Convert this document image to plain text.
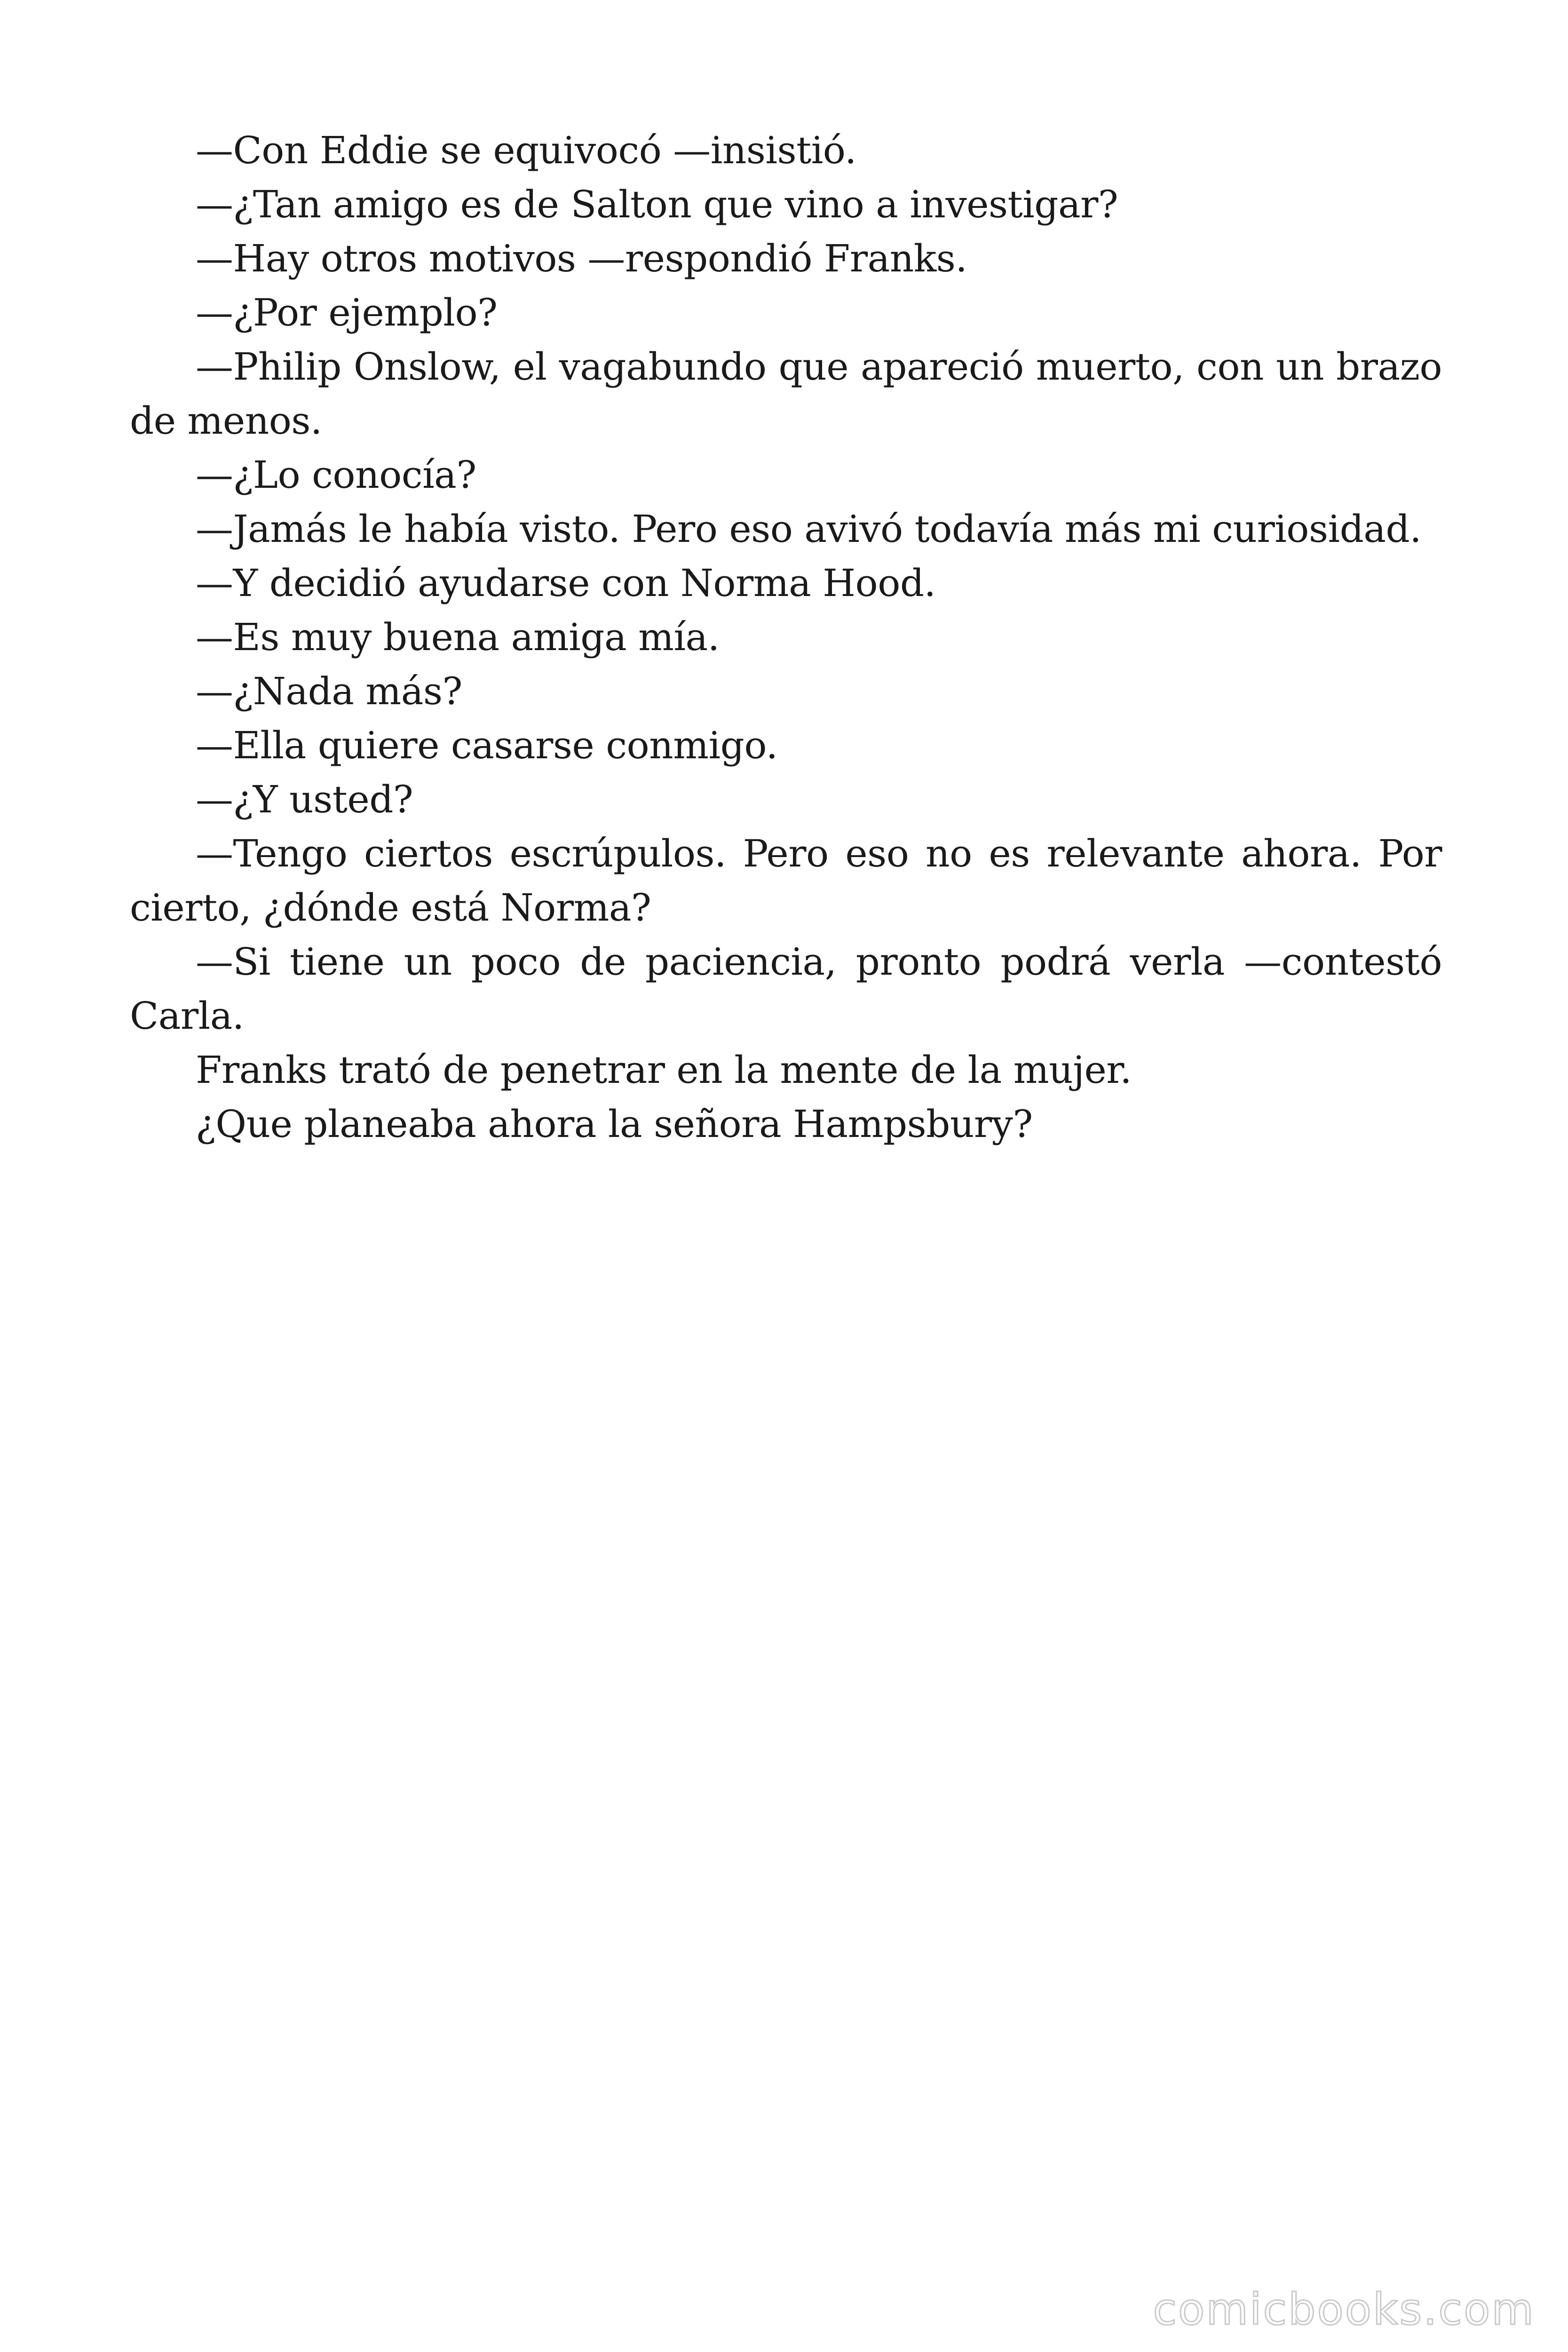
—Con Eddie se equivocó —insistió.

—¿Tan amigo es de Salton que vino a investigar?

—Hay otros motivos —respondió Franks.

—¿Por ejemplo?

—Philip Onslow, el vagabundo que apareció muerto, con un brazo de menos.

—¿Lo conocía?

—Jamás le había visto. Pero eso avivó todavía más mi curiosidad.

—Y decidió ayudarse con Norma Hood.

—Es muy buena amiga mía.

—¿Nada más?

—Ella quiere casarse conmigo.

—¿Y usted?

—Tengo ciertos escrúpulos. Pero eso no es relevante ahora. Por cierto, ¿dónde está Norma?

—Si tiene un poco de paciencia, pronto podrá verla —contestó Carla.

Franks trató de penetrar en la mente de la mujer.

¿Que planeaba ahora la señora Hampsbury?

comicbooks.com
